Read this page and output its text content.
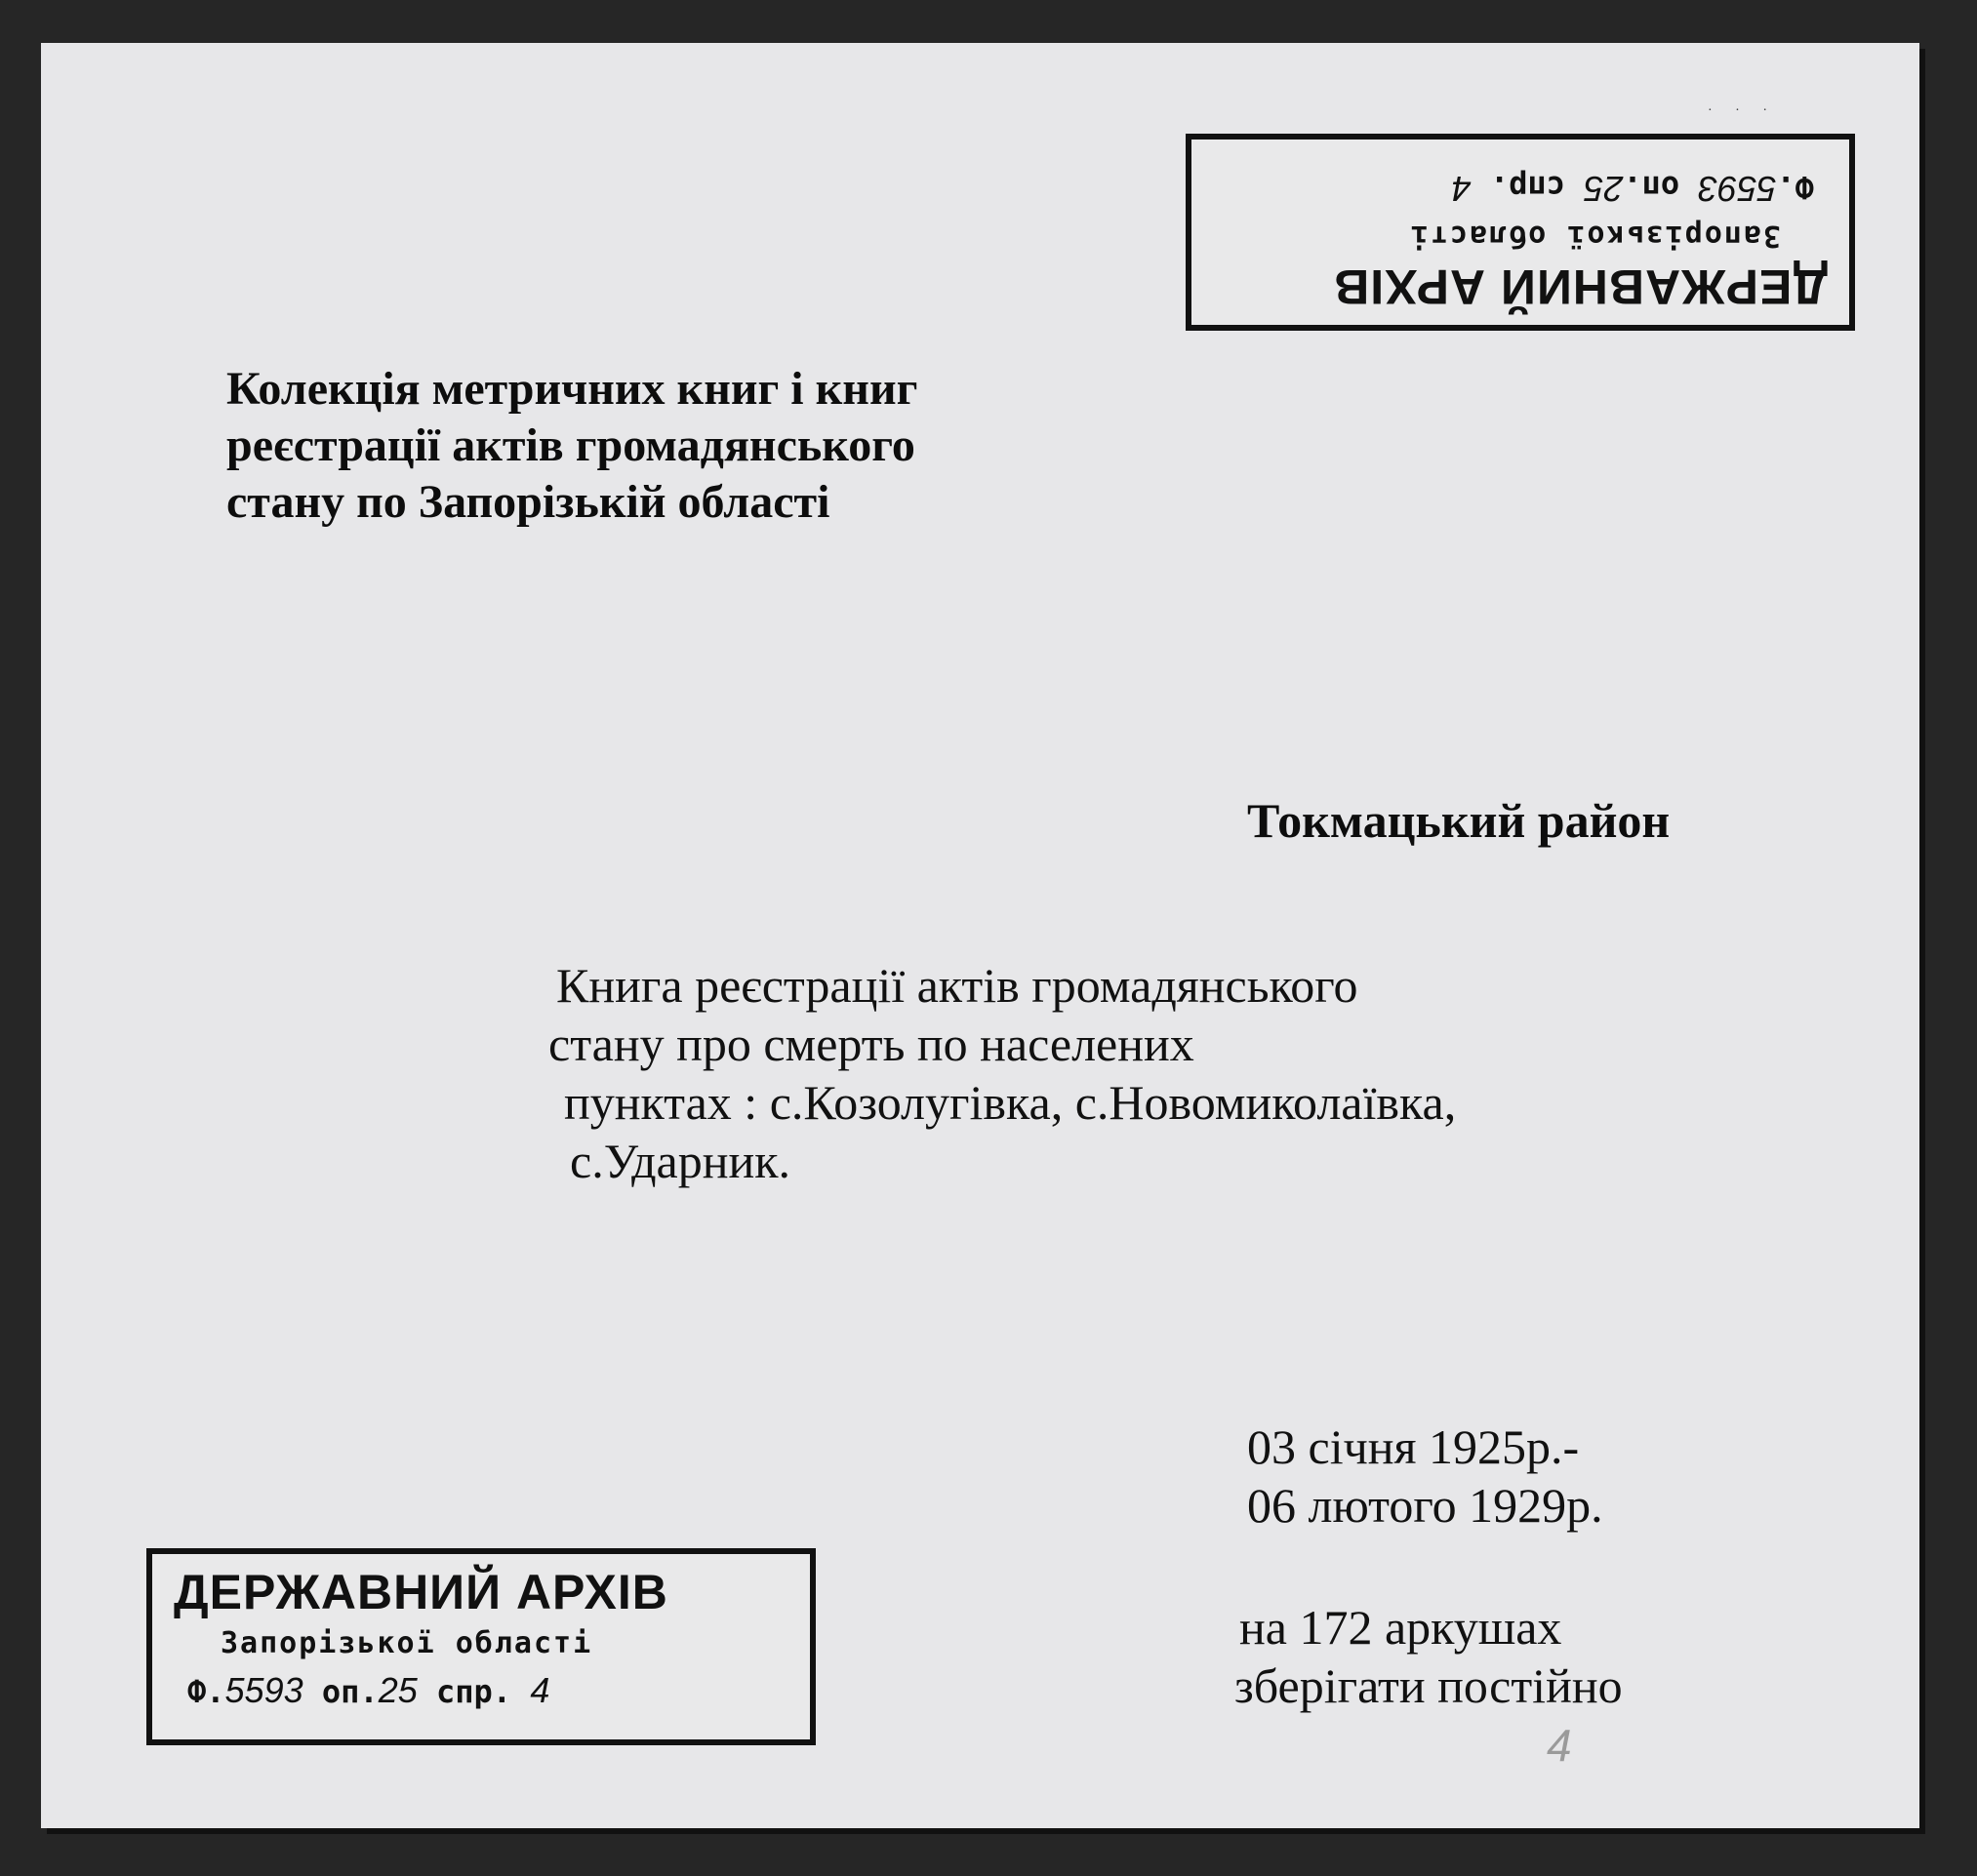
· · ·
ДЕРЖАВНИЙ АРХІВ
Запорізької області
Ф.5593 оп.25 спр. 4
Колекція метричних книг і книг
реєстрації актів громадянського
стану по Запорізькій області
Токмацький район
Книга реєстрації актів громадянського
стану про смерть по населених
пунктах : с.Козолугівка, с.Новомиколаївка,
с.Ударник.
03 січня 1925р.-
06 лютого 1929р.
на 172 аркушах
зберігати постійно
4
ДЕРЖАВНИЙ АРХІВ
Запорізької області
Ф.5593 оп.25 спр. 4
